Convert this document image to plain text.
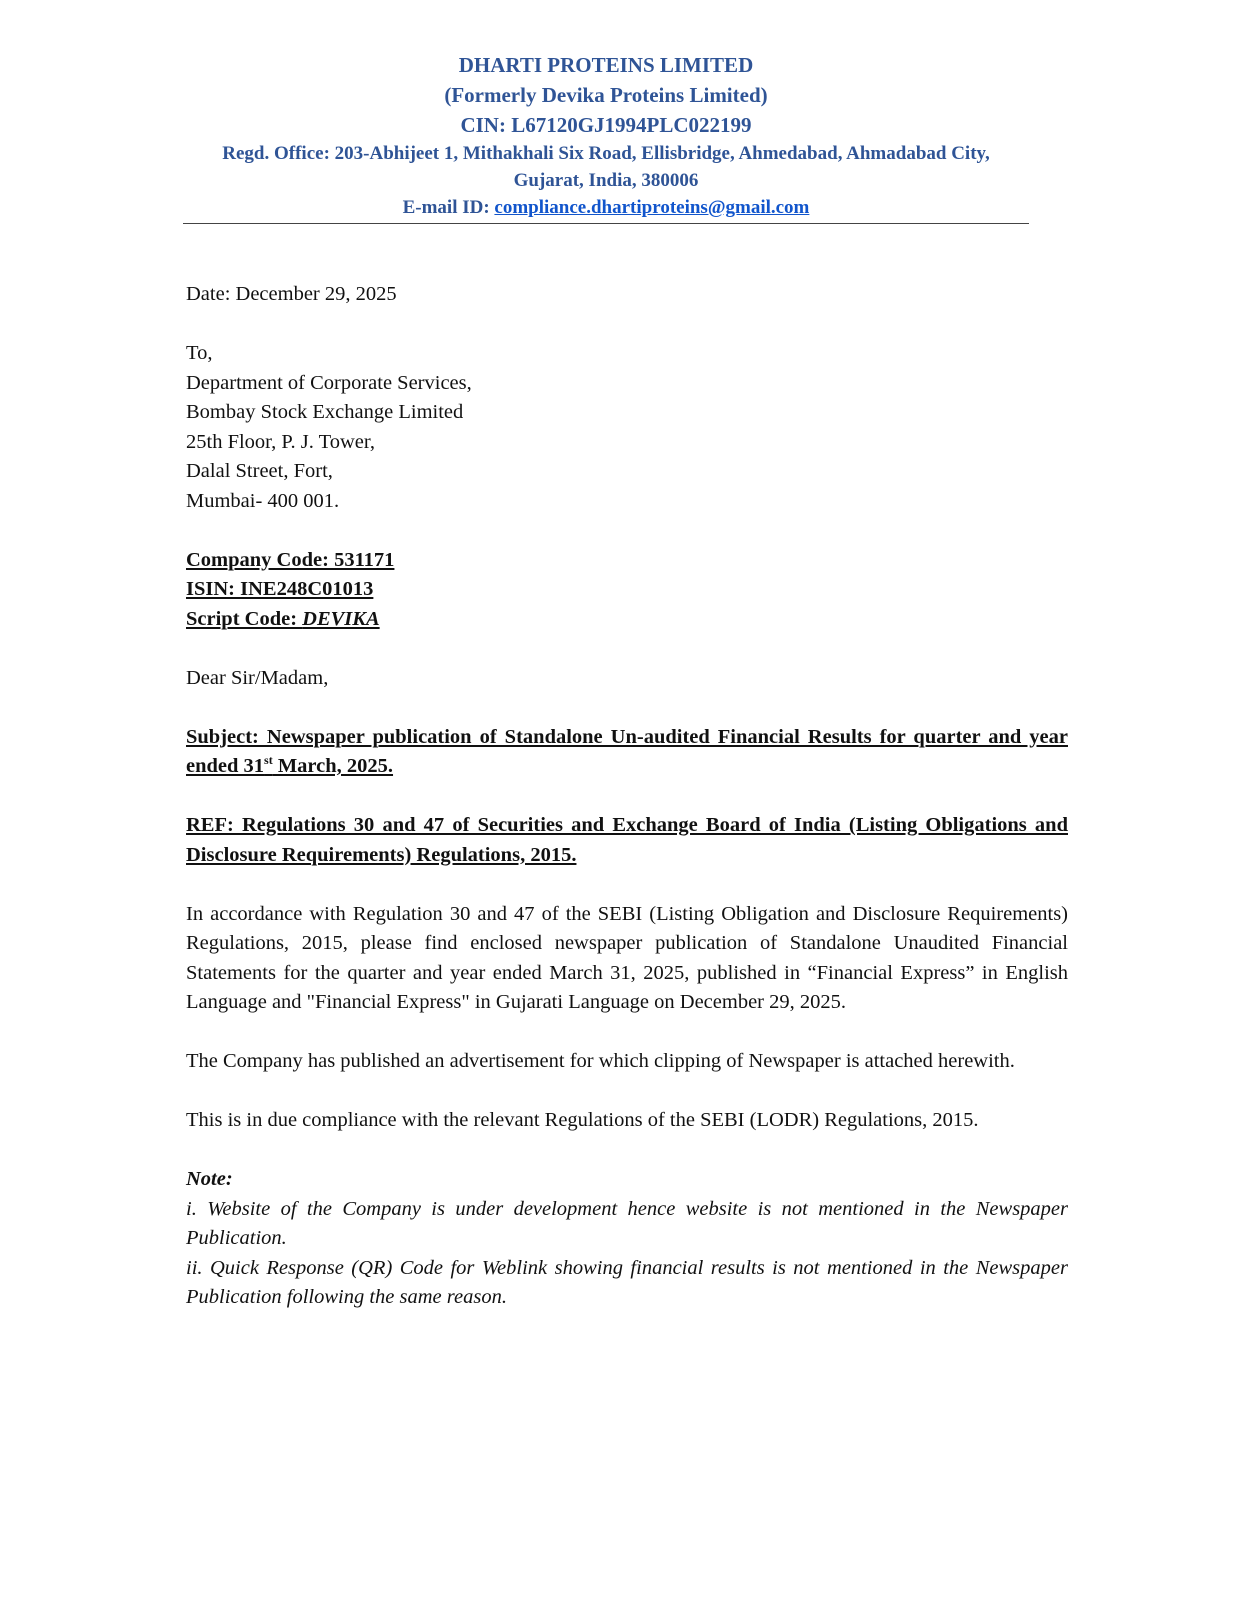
DHARTI PROTEINS LIMITED
(Formerly Devika Proteins Limited)
CIN: L67120GJ1994PLC022199
Regd. Office: 203-Abhijeet 1, Mithakhali Six Road, Ellisbridge, Ahmedabad, Ahmadabad City,
Gujarat, India, 380006
E-mail ID: compliance.dhartiproteins@gmail.com

Date: December 29, 2025

To,

Department of Corporate Services,

Bombay Stock Exchange Limited

25th Floor, P. J. Tower,

Dalal Street, Fort,

Mumbai- 400 001.

Company Code: 531171

ISIN: INE248C01013

Script Code: DEVIKA

Dear Sir/Madam,

Subject: Newspaper publication of Standalone Un-audited Financial Results for quarter and year ended 31st March, 2025.

REF: Regulations 30 and 47 of Securities and Exchange Board of India (Listing Obligations and Disclosure Requirements) Regulations, 2015.

In accordance with Regulation 30 and 47 of the SEBI (Listing Obligation and Disclosure Requirements) Regulations, 2015, please find enclosed newspaper publication of Standalone Unaudited Financial Statements for the quarter and year ended March 31, 2025, published in “Financial Express” in English Language and "Financial Express" in Gujarati Language on December 29, 2025.

The Company has published an advertisement for which clipping of Newspaper is attached herewith.

This is in due compliance with the relevant Regulations of the SEBI (LODR) Regulations, 2015.

Note:

i. Website of the Company is under development hence website is not mentioned in the Newspaper Publication.

ii. Quick Response (QR) Code for Weblink showing financial results is not mentioned in the Newspaper Publication following the same reason.
